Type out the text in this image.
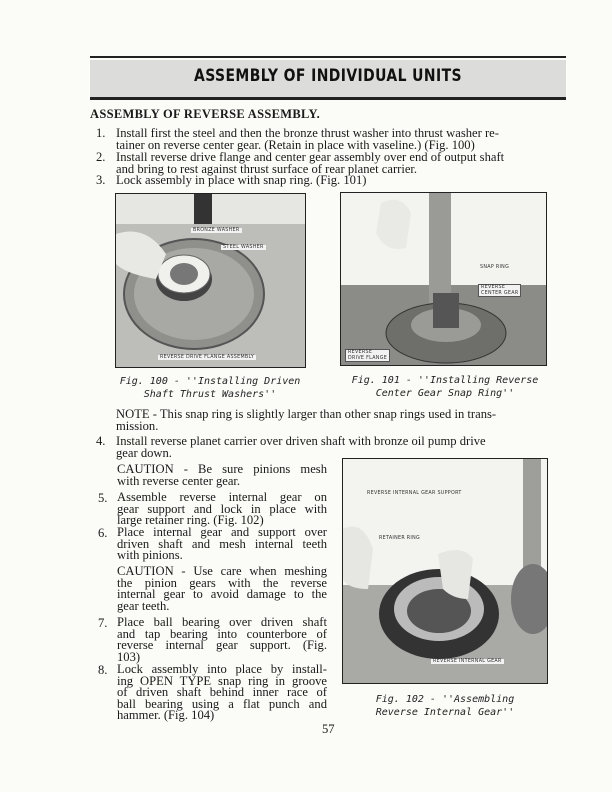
ASSEMBLY OF INDIVIDUAL UNITS
ASSEMBLY OF REVERSE ASSEMBLY.
1. Install first the steel and then the bronze thrust washer into thrust washer re-
tainer on reverse center gear. (Retain in place with vaseline.) (Fig. 100)
2. Install reverse drive flange and center gear assembly over end of output shaft
and bring to rest against thrust surface of rear planet carrier.
3. Lock assembly in place with snap ring. (Fig. 101)
BRONZE WASHER
STEEL WASHER
REVERSE DRIVE FLANGE ASSEMBLY
Fig. 100 - ''Installing Driven
Shaft Thrust Washers''
SNAP RING
REVERSE
CENTER GEAR
REVERSE
DRIVE FLANGE
Fig. 101 - ''Installing Reverse
Center Gear Snap Ring''
NOTE - This snap ring is slightly larger than other snap rings used in trans-
mission.
4. Install reverse planet carrier over driven shaft with bronze oil pump drive
gear down.
CAUTION - Be sure pinions mesh
with reverse center gear.
5. Assemble reverse internal gear on
gear support and lock in place with
large retainer ring. (Fig. 102)
6. Place internal gear and support over
driven shaft and mesh internal teeth
with pinions.
CAUTION - Use care when meshing
the pinion gears with the reverse
internal gear to avoid damage to the
gear teeth.
7. Place ball bearing over driven shaft
and tap bearing into counterbore of
reverse internal gear support. (Fig.
103)
8. Lock assembly into place by install-
ing OPEN TYPE snap ring in groove
of driven shaft behind inner race of
ball bearing using a flat punch and
hammer. (Fig. 104)
REVERSE INTERNAL GEAR SUPPORT
RETAINER RING
REVERSE INTERNAL GEAR
Fig. 102 - ''Assembling
Reverse Internal Gear''
57
